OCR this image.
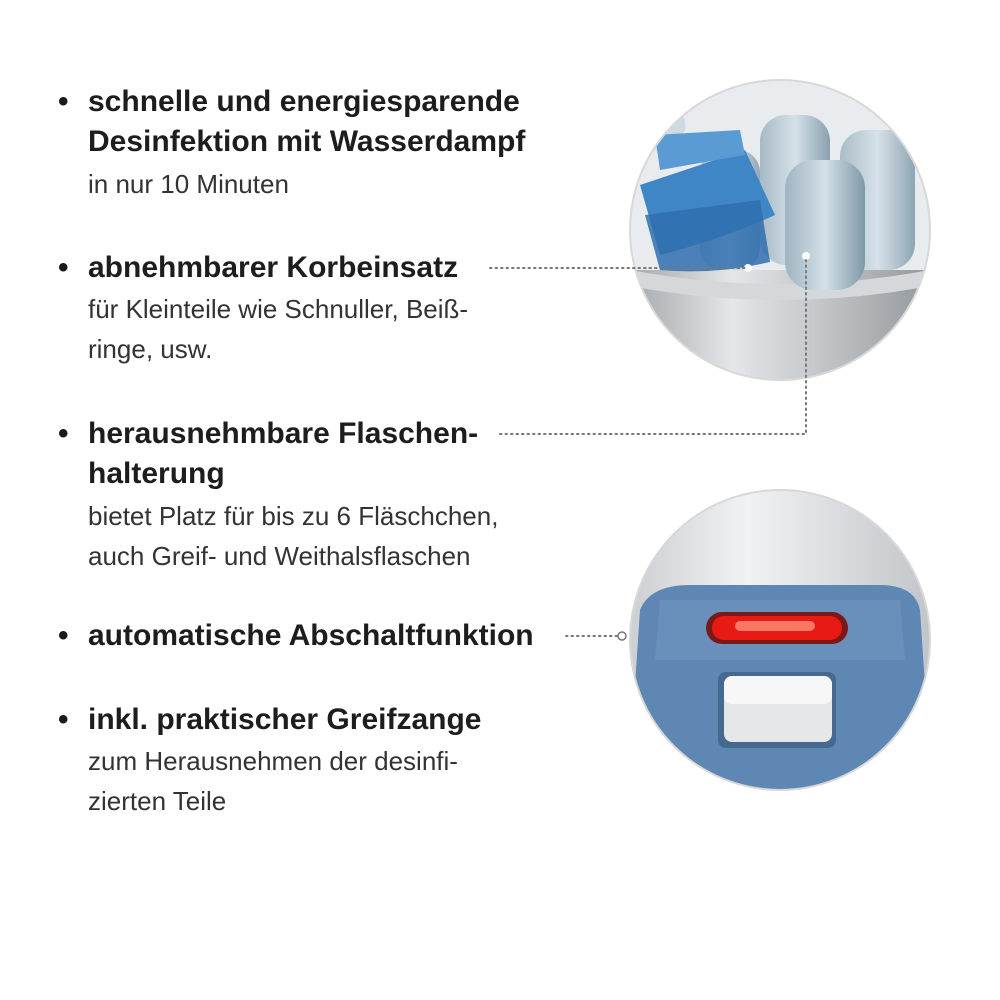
• schnelle und energiesparende
Desinfektion mit Wasserdampf
in nur 10 Minuten
• abnehmbarer Korbeinsatz
für Kleinteile wie Schnuller, Beiß-
ringe, usw.
• herausnehmbare Flaschen-
halterung
bietet Platz für bis zu 6 Fläschchen,
auch Greif- und Weithalsflaschen
• automatische Abschaltfunktion
• inkl. praktischer Greifzange
zum Herausnehmen der desinfi-
zierten Teile
